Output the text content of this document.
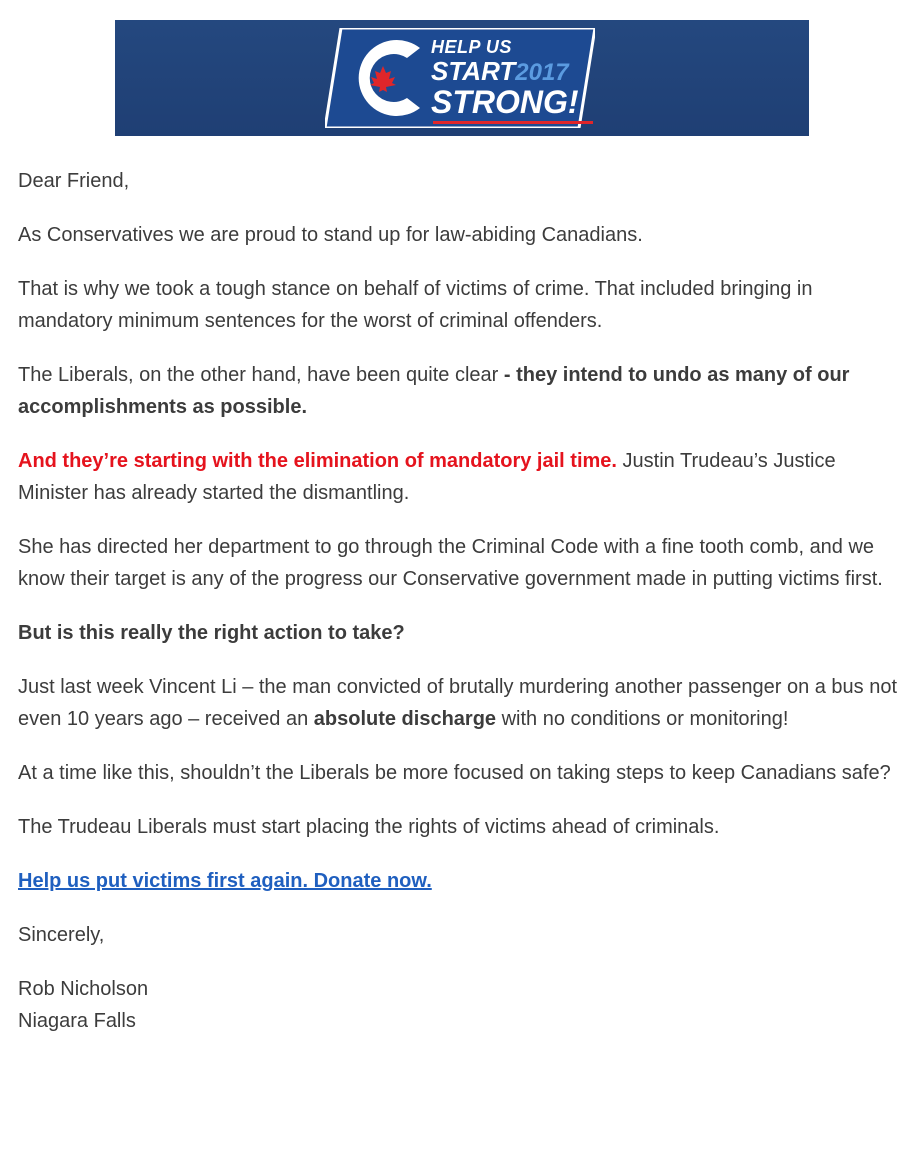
HELP US
START2017
STRONG!

Dear Friend,

As Conservatives we are proud to stand up for law-abiding Canadians.

That is why we took a tough stance on behalf of victims of crime. That included bringing in mandatory minimum sentences for the worst of criminal offenders.

The Liberals, on the other hand, have been quite clear - they intend to undo as many of our accomplishments as possible.

And they’re starting with the elimination of mandatory jail time. Justin Trudeau’s Justice Minister has already started the dismantling.

She has directed her department to go through the Criminal Code with a fine tooth comb, and we know their target is any of the progress our Conservative government made in putting victims first.

But is this really the right action to take?

Just last week Vincent Li – the man convicted of brutally murdering another passenger on a bus not even 10 years ago – received an absolute discharge with no conditions or monitoring!

At a time like this, shouldn’t the Liberals be more focused on taking steps to keep Canadians safe?

The Trudeau Liberals must start placing the rights of victims ahead of criminals.

Help us put victims first again. Donate now.

Sincerely,

Rob Nicholson
Niagara Falls
